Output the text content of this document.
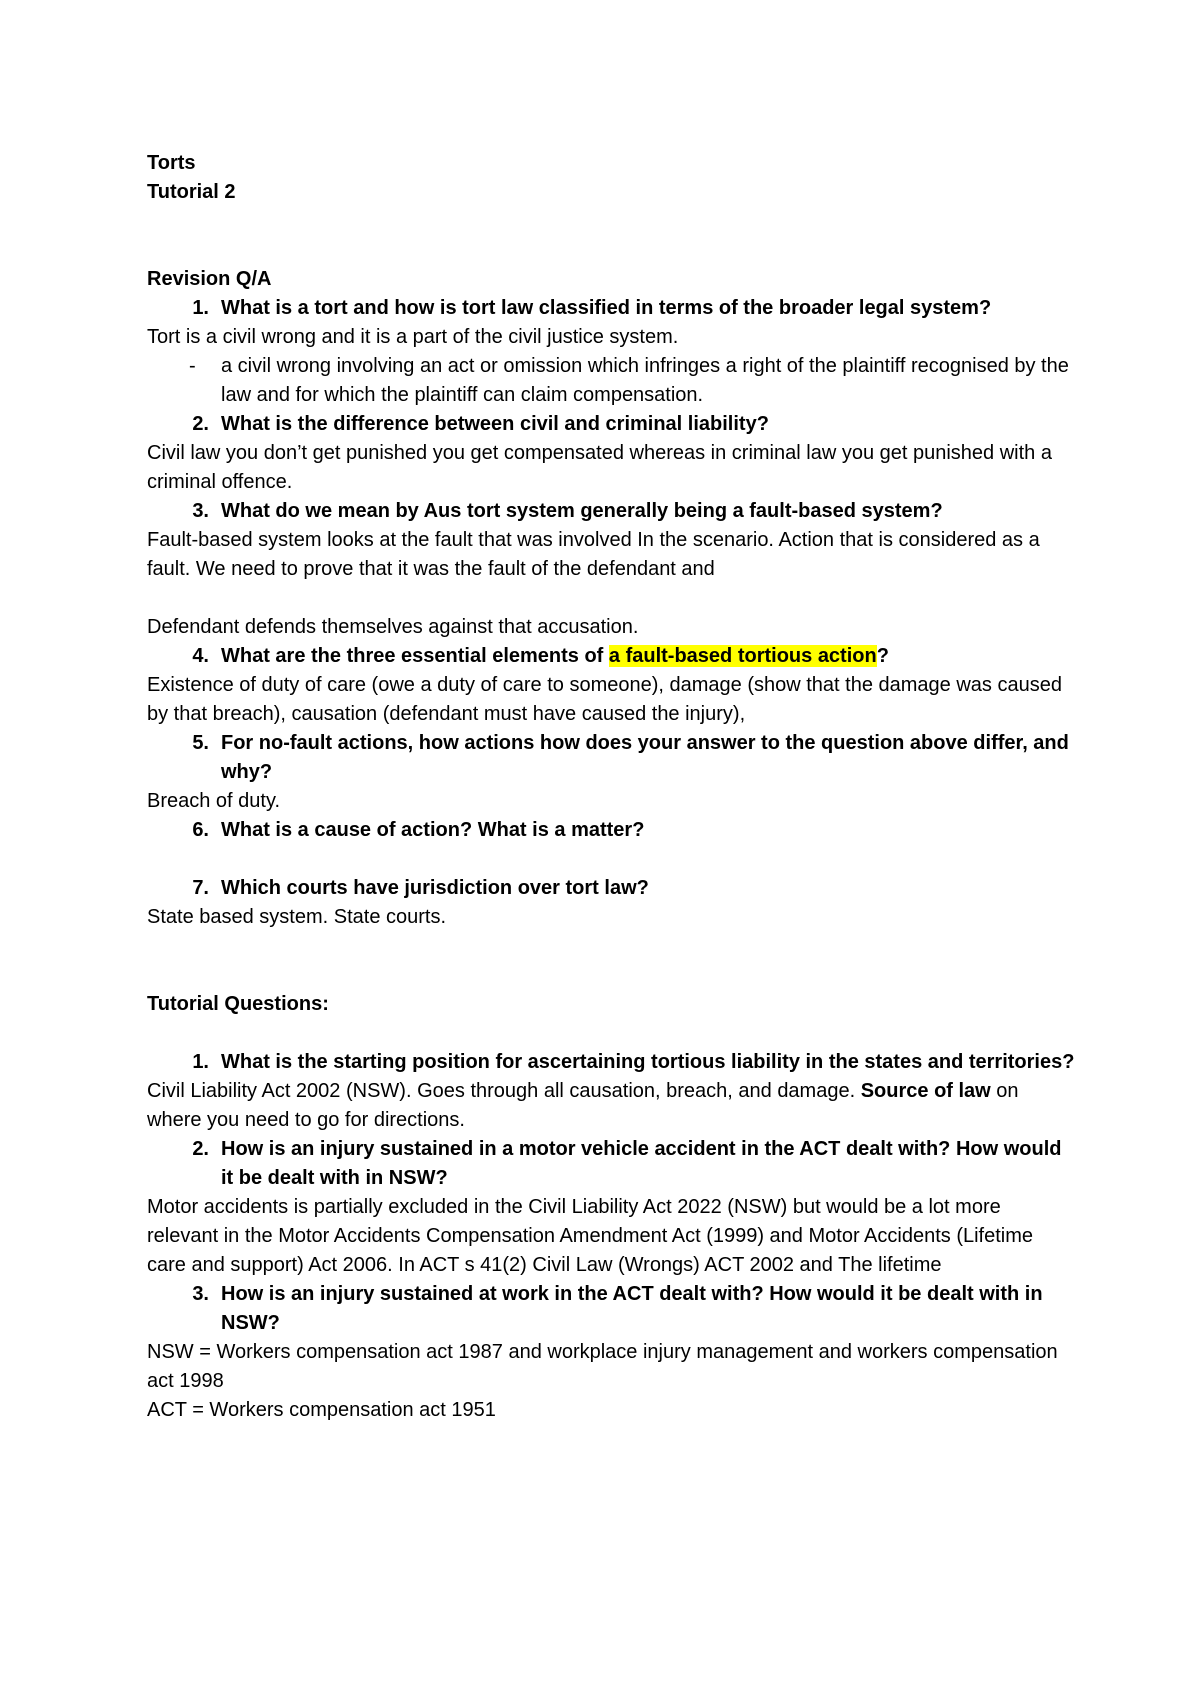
Torts

Tutorial 2

Revision Q/A

1. What is a tort and how is tort law classified in terms of the broader legal system?

Tort is a civil wrong and it is a part of the civil justice system.

-	a civil wrong involving an act or omission which infringes a right of the plaintiff recognised by the law and for which the plaintiff can claim compensation.
2. What is the difference between civil and criminal liability?

Civil law you don’t get punished you get compensated whereas in criminal law you get punished with a criminal offence.

3. What do we mean by Aus tort system generally being a fault-based system?

Fault-based system looks at the fault that was involved In the scenario. Action that is considered as a fault. We need to prove that it was the fault of the defendant and

Defendant defends themselves against that accusation.

4. What are the three essential elements of a fault-based tortious action?

Existence of duty of care (owe a duty of care to someone), damage (show that the damage was caused by that breach), causation (defendant must have caused the injury),

5. For no-fault actions, how actions how does your answer to the question above differ, and why?

Breach of duty.

6. What is a cause of action? What is a matter?
7. Which courts have jurisdiction over tort law?

State based system. State courts.

Tutorial Questions:

1. What is the starting position for ascertaining tortious liability in the states and territories?

Civil Liability Act 2002 (NSW). Goes through all causation, breach, and damage. Source of law on where you need to go for directions.

2. How is an injury sustained in a motor vehicle accident in the ACT dealt with? How would it be dealt with in NSW?

Motor accidents is partially excluded in the Civil Liability Act 2022 (NSW) but would be a lot more relevant in the Motor Accidents Compensation Amendment Act (1999) and Motor Accidents (Lifetime care and support) Act 2006. In ACT s 41(2) Civil Law (Wrongs) ACT 2002 and The lifetime

3. How is an injury sustained at work in the ACT dealt with? How would it be dealt with in NSW?

NSW = Workers compensation act 1987 and workplace injury management and workers compensation act 1998

ACT = Workers compensation act 1951
